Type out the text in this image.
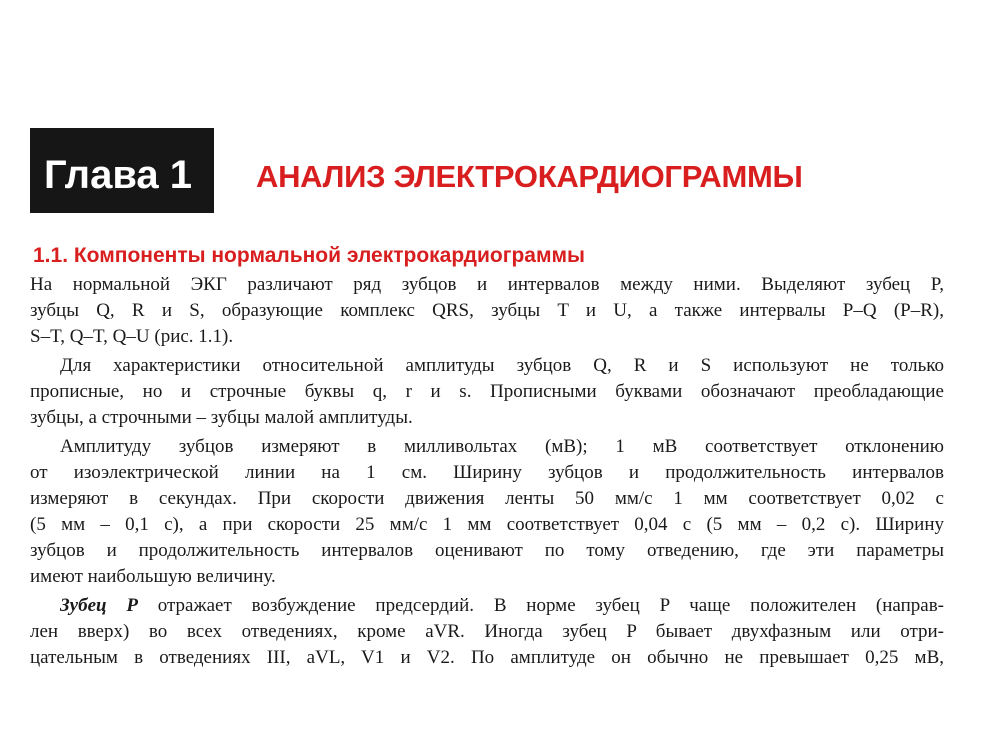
Глава 1 АНАЛИЗ ЭЛЕКТРОКАРДИОГРАММЫ
1.1. Компоненты нормальной электрокардиограммы
На нормальной ЭКГ различают ряд зубцов и интервалов между ними. Выделяют зубец P,
зубцы Q, R и S, образующие комплекс QRS, зубцы T и U, а также интервалы P–Q (P–R),
S–T, Q–T, Q–U (рис. 1.1).
Для характеристики относительной амплитуды зубцов Q, R и S используют не только
прописные, но и строчные буквы q, r и s. Прописными буквами обозначают преобладающие
зубцы, а строчными – зубцы малой амплитуды.
Амплитуду зубцов измеряют в милливольтах (мВ); 1 мВ соответствует отклонению
от изоэлектрической линии на 1 см. Ширину зубцов и продолжительность интервалов
измеряют в секундах. При скорости движения ленты 50 мм/с 1 мм соответствует 0,02 с
(5 мм – 0,1 с), а при скорости 25 мм/с 1 мм соответствует 0,04 с (5 мм – 0,2 с). Ширину
зубцов и продолжительность интервалов оценивают по тому отведению, где эти параметры
имеют наибольшую величину.
Зубец P отражает возбуждение предсердий. В норме зубец P чаще положителен (направ-
лен вверх) во всех отведениях, кроме aVR. Иногда зубец P бывает двухфазным или отри-
цательным в отведениях III, aVL, V1 и V2. По амплитуде он обычно не превышает 0,25 мВ,
